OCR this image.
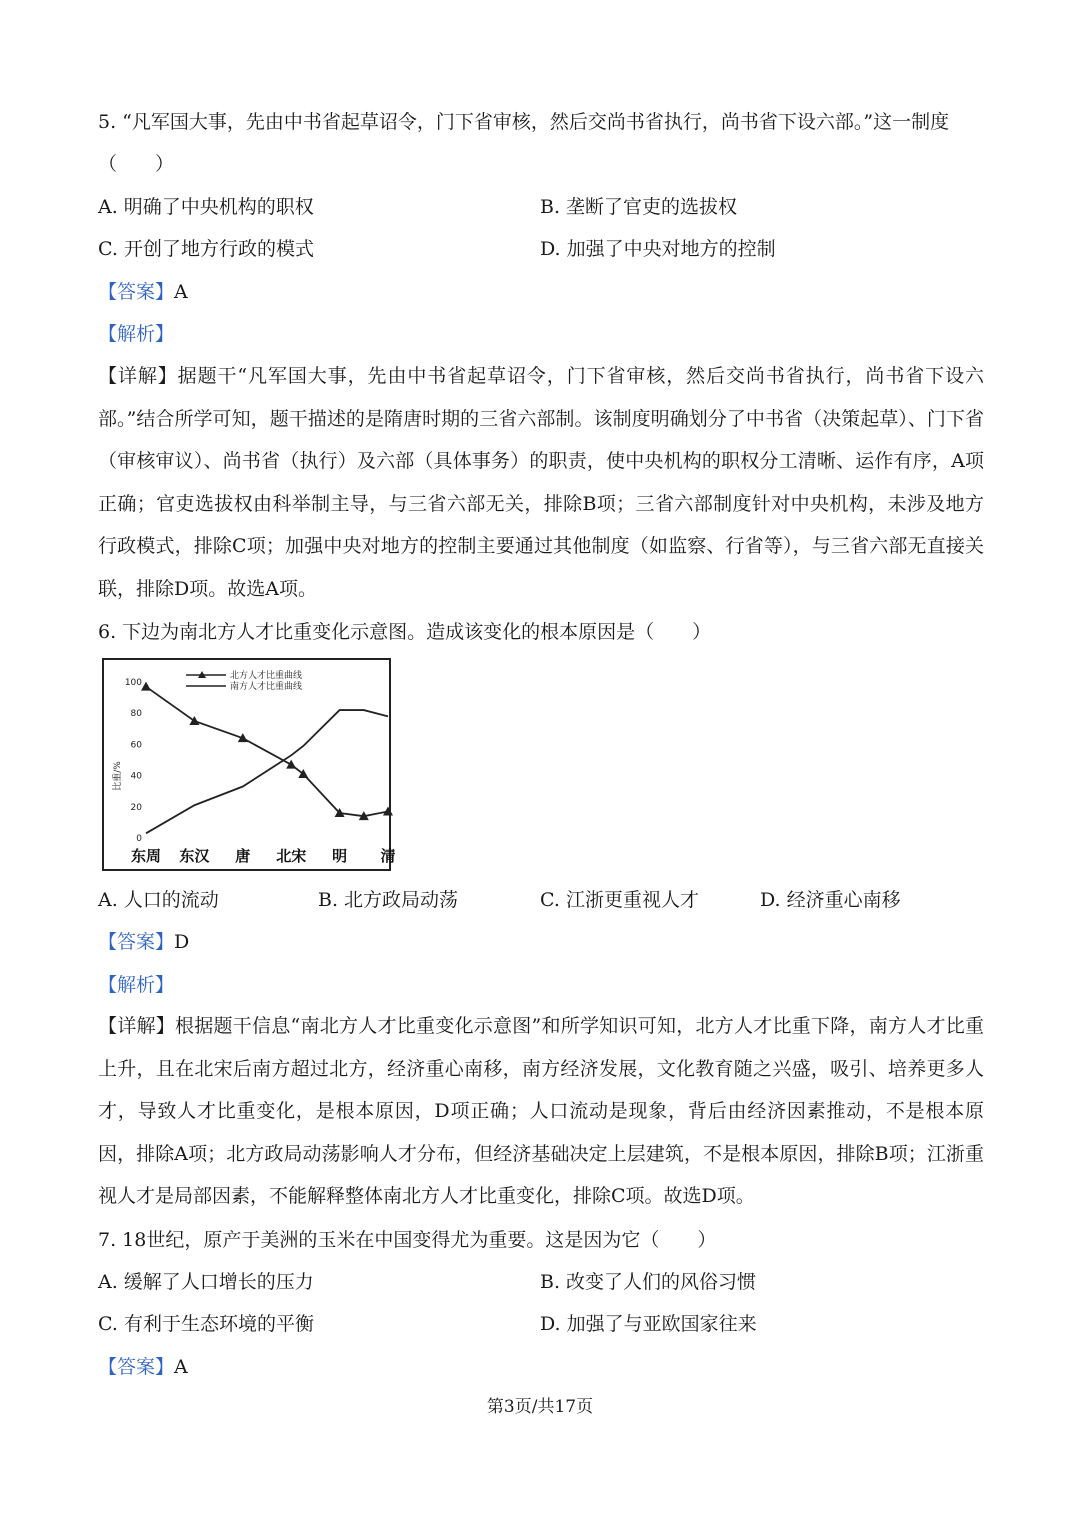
5. “凡军国大事，先由中书省起草诏令，门下省审核，然后交尚书省执行，尚书省下设六部。”这一制度
（　　）
A. 明确了中央机构的职权	B. 垄断了官吏的选拔权
C. 开创了地方行政的模式	D. 加强了中央对地方的控制
【答案】A
【解析】
【详解】据题干“凡军国大事，先由中书省起草诏令，门下省审核，然后交尚书省执行，尚书省下设六部。”结合所学可知，题干描述的是隋唐时期的三省六部制。该制度明确划分了中书省（决策起草）、门下省（审核审议）、尚书省（执行）及六部（具体事务）的职责，使中央机构的职权分工清晰、运作有序，A项正确；官吏选拔权由科举制主导，与三省六部无关，排除B项；三省六部制度针对中央机构，未涉及地方行政模式，排除C项；加强中央对地方的控制主要通过其他制度（如监察、行省等），与三省六部无直接关联，排除D项。故选A项。
6. 下边为南北方人才比重变化示意图。造成该变化的根本原因是（　　）
北方人才比重曲线
南方人才比重曲线
0
20
40
60
80
100
东周 东汉 唐 北宋 明 清
比重/%
A. 人口的流动	B. 北方政局动荡	C. 江浙更重视人才	D. 经济重心南移
【答案】D
【解析】
【详解】根据题干信息“南北方人才比重变化示意图”和所学知识可知，北方人才比重下降，南方人才比重上升，且在北宋后南方超过北方，经济重心南移，南方经济发展，文化教育随之兴盛，吸引、培养更多人才，导致人才比重变化，是根本原因，D项正确；人口流动是现象，背后由经济因素推动，不是根本原因，排除A项；北方政局动荡影响人才分布，但经济基础决定上层建筑，不是根本原因，排除B项；江浙重视人才是局部因素，不能解释整体南北方人才比重变化，排除C项。故选D项。
7. 18世纪，原产于美洲的玉米在中国变得尤为重要。这是因为它（　　）
A. 缓解了人口增长的压力	B. 改变了人们的风俗习惯
C. 有利于生态环境的平衡	D. 加强了与亚欧国家往来
【答案】A
第3页/共17页
